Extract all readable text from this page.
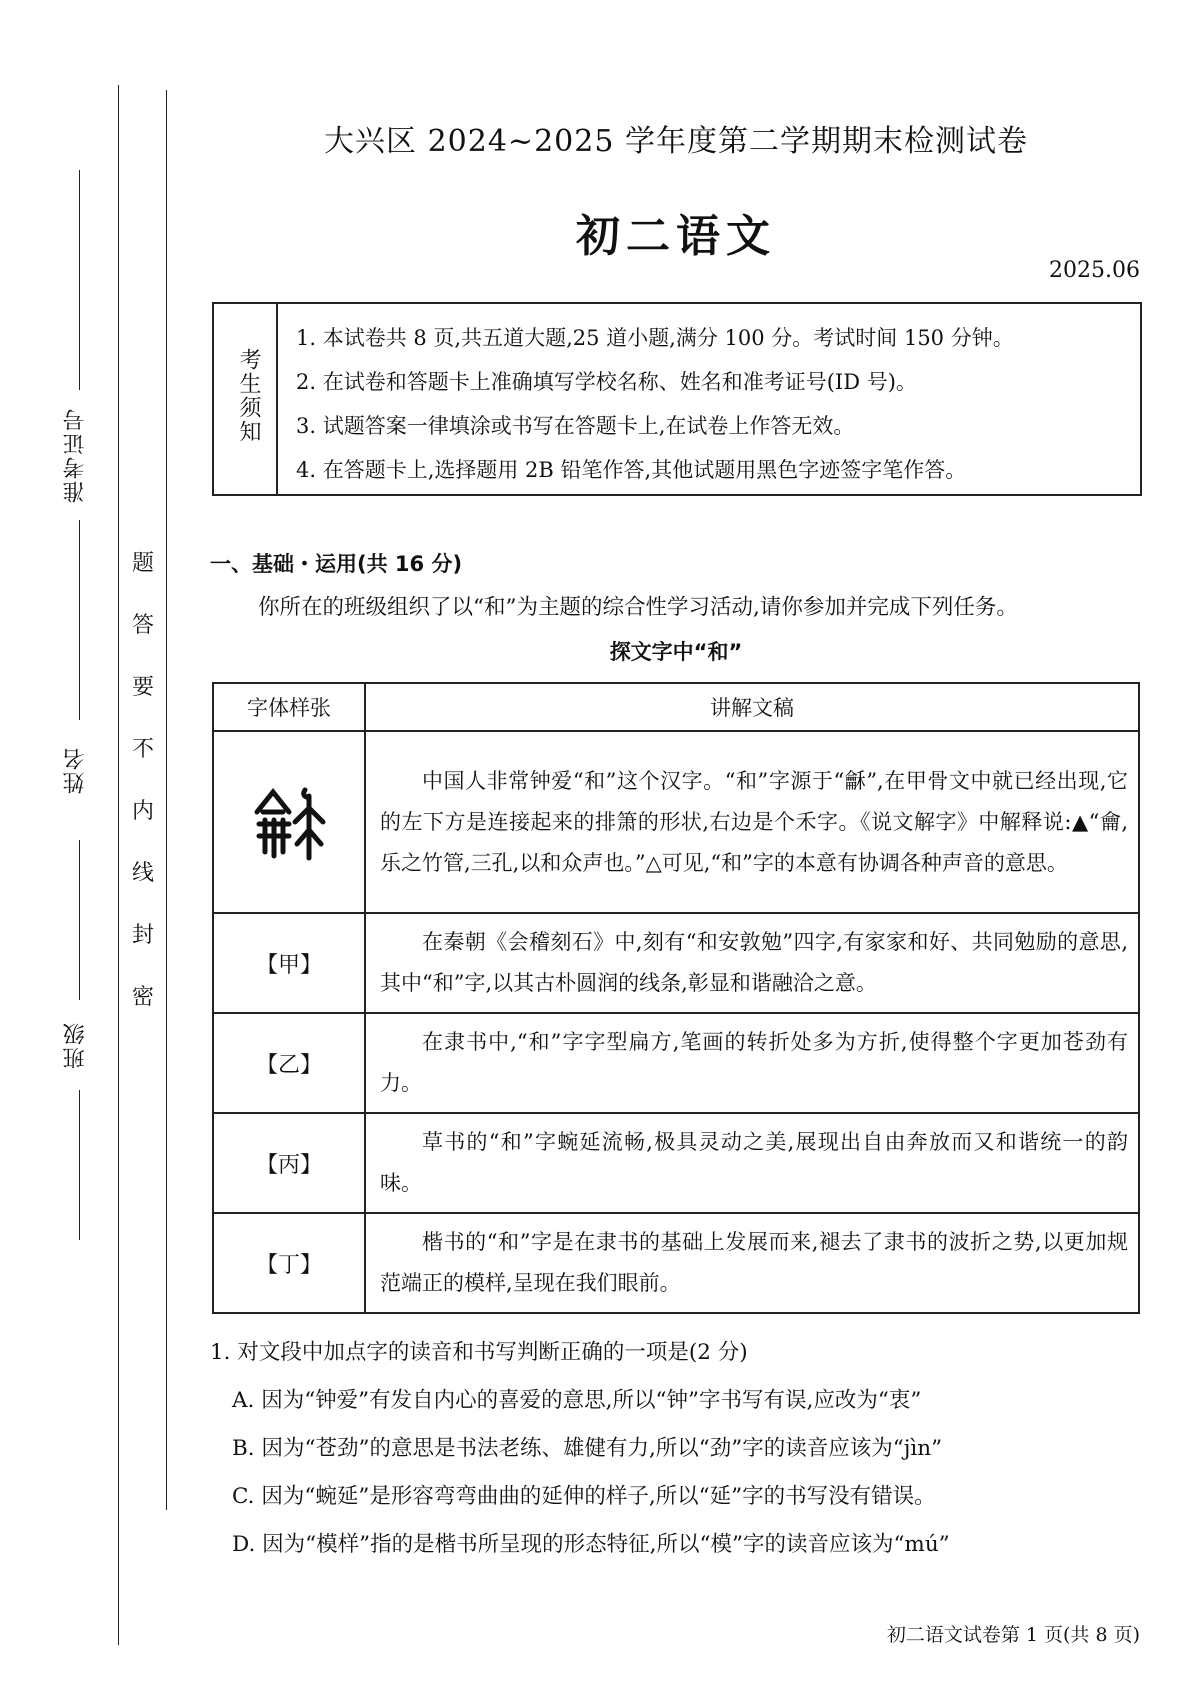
准考证号
姓名
班级
密
封
线
内
不
要
答
题
大兴区 2024~2025 学年度第二学期期末检测试卷
初二语文
2025.06
考生须知
1. 本试卷共 8 页,共五道大题,25 道小题,满分 100 分。考试时间 150 分钟。
2. 在试卷和答题卡上准确填写学校名称、姓名和准考证号(ID 号)。
3. 试题答案一律填涂或书写在答题卡上,在试卷上作答无效。
4. 在答题卡上,选择题用 2B 铅笔作答,其他试题用黑色字迹签字笔作答。
一、基础・运用(共 16 分)
你所在的班级组织了以“和”为主题的综合性学习活动,请你参加并完成下列任务。
探文字中“和”
字体样张	讲解文稿

	中国人非常钟爱“和”这个汉字。“和”字源于“龢”,在甲骨文中就已经出现,它的左下方是连接起来的排箫的形状,右边是个禾字。《说文解字》中解释说:▲“龠,乐之竹管,三孔,以和众声也。”△可见,“和”字的本意有协调各种声音的意思。
【甲】	在秦朝《会稽刻石》中,刻有“和安敦勉”四字,有家家和好、共同勉励的意思,其中“和”字,以其古朴圆润的线条,彰显和谐融洽之意。
【乙】	在隶书中,“和”字字型扁方,笔画的转折处多为方折,使得整个字更加苍劲有力。
【丙】	草书的“和”字蜿延流畅,极具灵动之美,展现出自由奔放而又和谐统一的韵味。
【丁】	楷书的“和”字是在隶书的基础上发展而来,褪去了隶书的波折之势,以更加规范端正的模样,呈现在我们眼前。
1. 对文段中加点字的读音和书写判断正确的一项是(2 分)
A. 因为“钟爱”有发自内心的喜爱的意思,所以“钟”字书写有误,应改为“衷”
B. 因为“苍劲”的意思是书法老练、雄健有力,所以“劲”字的读音应该为“jìn”
C. 因为“蜿延”是形容弯弯曲曲的延伸的样子,所以“延”字的书写没有错误。
D. 因为“模样”指的是楷书所呈现的形态特征,所以“模”字的读音应该为“mú”
初二语文试卷第 1 页(共 8 页)
